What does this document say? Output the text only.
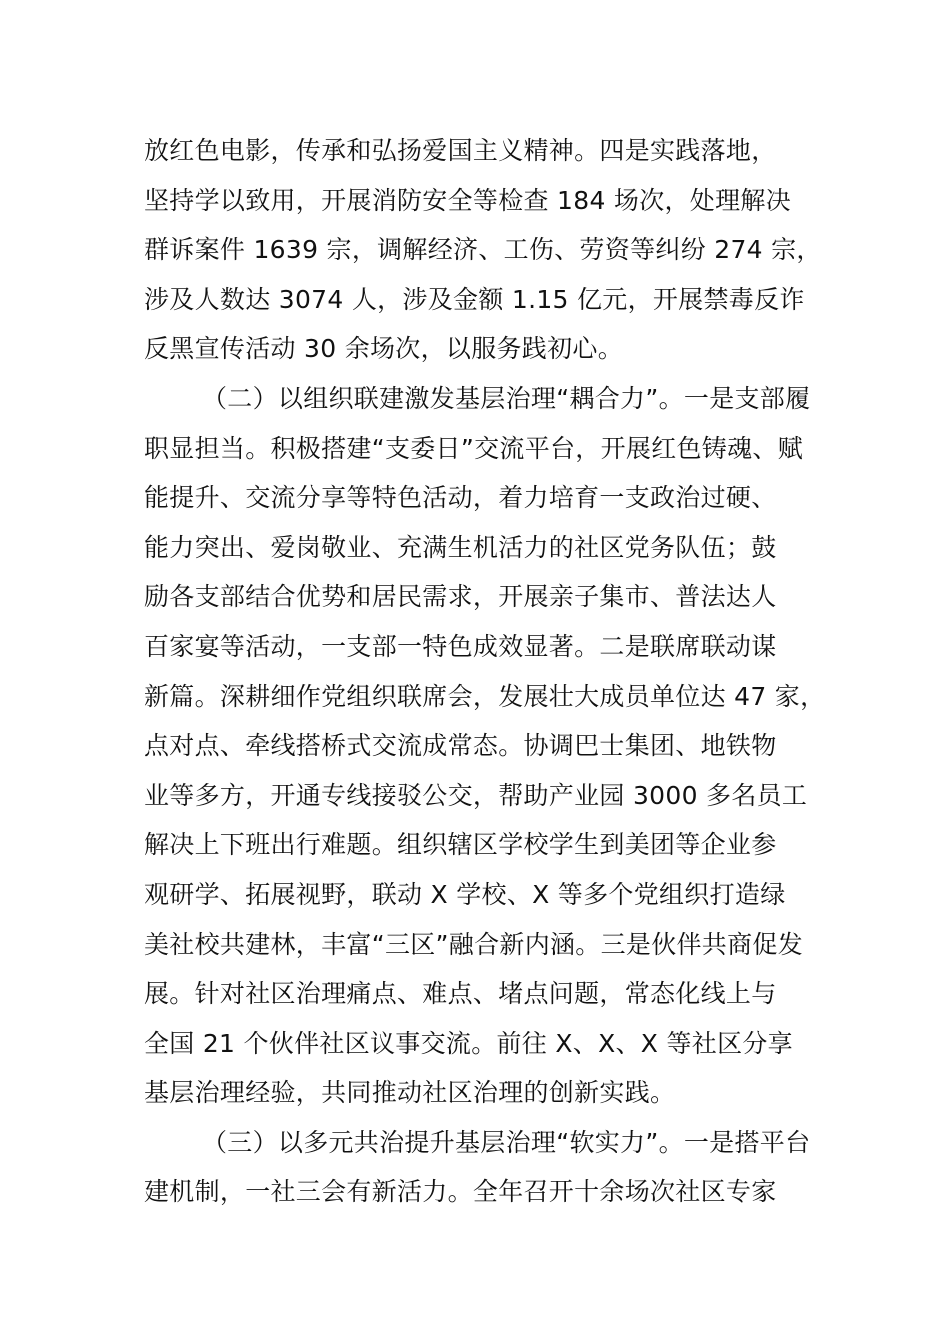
放红色电影，传承和弘扬爱国主义精神。四是实践落地，
坚持学以致用，开展消防安全等检查 184 场次，处理解决
群诉案件 1639 宗，调解经济、工伤、劳资等纠纷 274 宗，
涉及人数达 3074 人，涉及金额 1.15 亿元，开展禁毒反诈
反黑宣传活动 30 余场次，以服务践初心。
（二）以组织联建激发基层治理“耦合力”。一是支部履
职显担当。积极搭建“支委日”交流平台，开展红色铸魂、赋
能提升、交流分享等特色活动，着力培育一支政治过硬、
能力突出、爱岗敬业、充满生机活力的社区党务队伍；鼓
励各支部结合优势和居民需求，开展亲子集市、普法达人
百家宴等活动，一支部一特色成效显著。二是联席联动谋
新篇。深耕细作党组织联席会，发展壮大成员单位达 47 家，
点对点、牵线搭桥式交流成常态。协调巴士集团、地铁物
业等多方，开通专线接驳公交，帮助产业园 3000 多名员工
解决上下班出行难题。组织辖区学校学生到美团等企业参
观研学、拓展视野，联动 X 学校、X 等多个党组织打造绿
美社校共建林，丰富“三区”融合新内涵。三是伙伴共商促发
展。针对社区治理痛点、难点、堵点问题，常态化线上与
全国 21 个伙伴社区议事交流。前往 X、X、X 等社区分享
基层治理经验，共同推动社区治理的创新实践。
（三）以多元共治提升基层治理“软实力”。一是搭平台
建机制，一社三会有新活力。全年召开十余场次社区专家
